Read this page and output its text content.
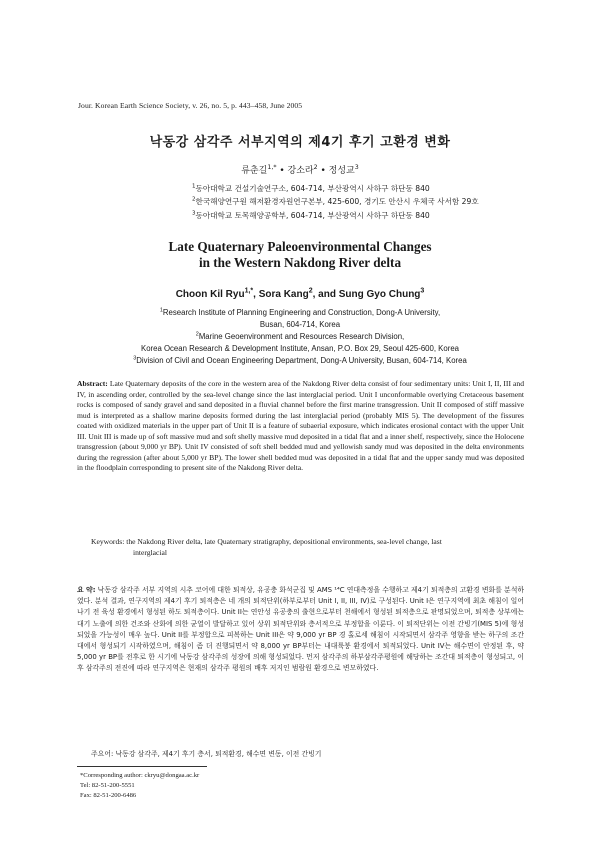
Jour. Korean Earth Science Society, v. 26, no. 5, p. 443–458, June 2005
낙동강 삼각주 서부지역의 제4기 후기 고환경 변화
류춘길$^{1,*}$ • 강소라$^2$ • 정성교$^3$
$^1$동아대학교 건설기술연구소, 604-714, 부산광역시 사하구 하단동 840
$^2$한국해양연구원 해저환경자원연구본부, 425-600, 경기도 안산시 우체국 사서함 29호
$^3$동아대학교 토목해양공학부, 604-714, 부산광역시 사하구 하단동 840
Late Quaternary Paleoenvironmental Changes
in the Western Nakdong River delta
Choon Kil Ryu$^{1,*}$, Sora Kang$^2$, and Sung Gyo Chung$^3$
$^1$Research Institute of Planning Engineering and Construction, Dong-A University,
Busan, 604-714, Korea
$^2$Marine Geoenvironment and Resources Research Division,
Korea Ocean Research & Development Institute, Ansan, P.O. Box 29, Seoul 425-600, Korea
$^3$Division of Civil and Ocean Engineering Department, Dong-A University, Busan, 604-714, Korea
Abstract: Late Quaternary deposits of the core in the western area of the Nakdong River delta consist of four sedimentary units: Unit I, II, III and IV, in ascending order, controlled by the sea-level change since the last interglacial period. Unit I unconformable overlying Cretaceous basement rocks is composed of sandy gravel and sand deposited in a fluvial channel before the first marine transgression. Unit II composed of stiff massive mud is interpreted as a shallow marine deposits formed during the last interglacial period (probably MIS 5). The development of the fissures coated with oxidized materials in the upper part of Unit II is a feature of subaerial exposure, which indicates erosional contact with the upper Unit III. Unit III is made up of soft massive mud and soft shelly massive mud deposited in a tidal flat and a inner shelf, respectively, since the Holocene transgression (about 9,000 yr BP). Unit IV consisted of soft shell bedded mud and yellowish sandy mud was deposited in the delta environments during the regression (after about 5,000 yr BP). The lower shell bedded mud was deposited in a tidal flat and the upper sandy mud was deposited in the floodplain corresponding to present site of the Nakdong River delta.
Keywords: the Nakdong River delta, late Quaternary stratigraphy, depositional environments, sea-level change, last
interglacial
요 약: 낙동강 삼각주 서부 지역의 시추 코어에 대한 퇴적상, 유공충 화석군집 및 AMS ¹⁴C 연대측정을 수행하고 제4기 퇴적층의 고환경 변화를 분석하였다. 분석 결과, 연구지역의 제4기 후기 퇴적층은 네 개의 퇴적단위(하부로부터 Unit I, II, III, IV)로 구성된다. Unit I은 연구지역에 최초 해침이 일어나기 전 육성 환경에서 형성된 하도 퇴적층이다. Unit II는 연안성 유공충의 출현으로부터 천해에서 형성된 퇴적층으로 판명되었으며, 퇴적층 상부에는 대기 노출에 의한 건조와 산화에 의한 균열이 발달하고 있어 상위 퇴적단위와 층서적으로 부정합을 이룬다. 이 퇴적단위는 이전 간빙기(MIS 5)에 형성되었을 가능성이 매우 높다. Unit II를 부정합으로 피복하는 Unit III은 약 9,000 yr BP 경 홀로세 해침이 시작되면서 삼각주 영향을 받는 하구의 조간대에서 형성되기 시작하였으며, 해침이 좀 더 진행되면서 약 8,000 yr BP부터는 내대륙붕 환경에서 퇴적되었다. Unit IV는 해수면이 안정된 후, 약 5,000 yr BP를 전후로 한 시기에 낙동강 삼각주의 성장에 의해 형성되었다. 먼저 삼각주의 하부삼각주평원에 해당하는 조간대 퇴적층이 형성되고, 이후 삼각주의 전진에 따라 연구지역은 현재의 삼각주 평원의 배후 저지인 범람원 환경으로 변모하였다.
주요어: 낙동강 삼각주, 제4기 후기 층서, 퇴적환경, 해수면 변동, 이전 간빙기
*Corresponding author: ckryu@dongaa.ac.kr
Tel: 82-51-200-5551
Fax: 82-51-200-6486
